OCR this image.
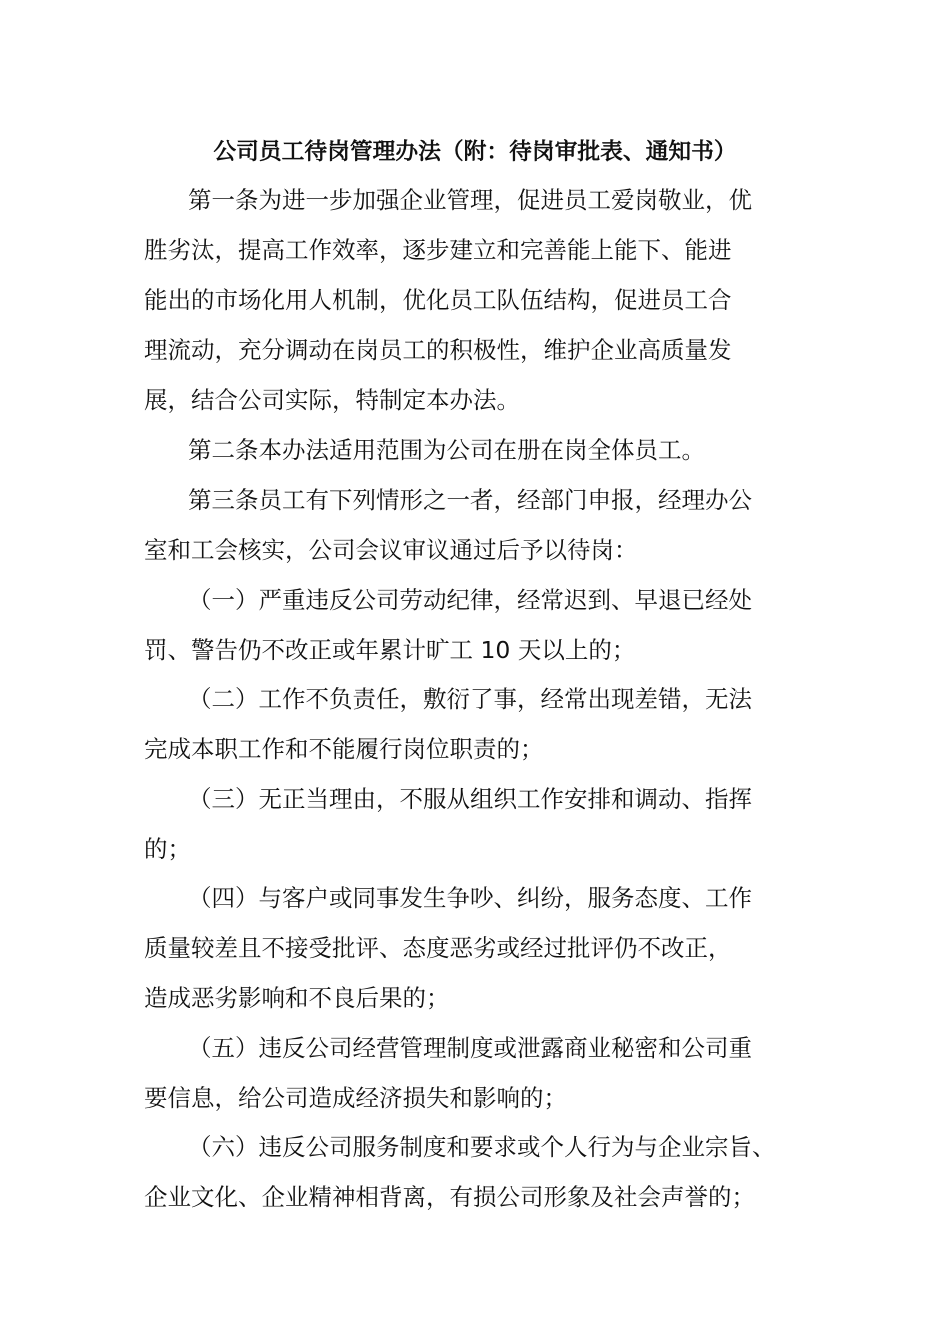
公司员工待岗管理办法（附：待岗审批表、通知书）
第一条为进一步加强企业管理，促进员工爱岗敬业，优
胜劣汰，提高工作效率，逐步建立和完善能上能下、能进
能出的市场化用人机制，优化员工队伍结构，促进员工合
理流动，充分调动在岗员工的积极性，维护企业高质量发
展，结合公司实际，特制定本办法。
第二条本办法适用范围为公司在册在岗全体员工。
第三条员工有下列情形之一者，经部门申报，经理办公
室和工会核实，公司会议审议通过后予以待岗：
（一）严重违反公司劳动纪律，经常迟到、早退已经处
罚、警告仍不改正或年累计旷工 10 天以上的；
（二）工作不负责任，敷衍了事，经常出现差错，无法
完成本职工作和不能履行岗位职责的；
（三）无正当理由，不服从组织工作安排和调动、指挥
的；
（四）与客户或同事发生争吵、纠纷，服务态度、工作
质量较差且不接受批评、态度恶劣或经过批评仍不改正，
造成恶劣影响和不良后果的；
（五）违反公司经营管理制度或泄露商业秘密和公司重
要信息，给公司造成经济损失和影响的；
（六）违反公司服务制度和要求或个人行为与企业宗旨、
企业文化、企业精神相背离，有损公司形象及社会声誉的；
